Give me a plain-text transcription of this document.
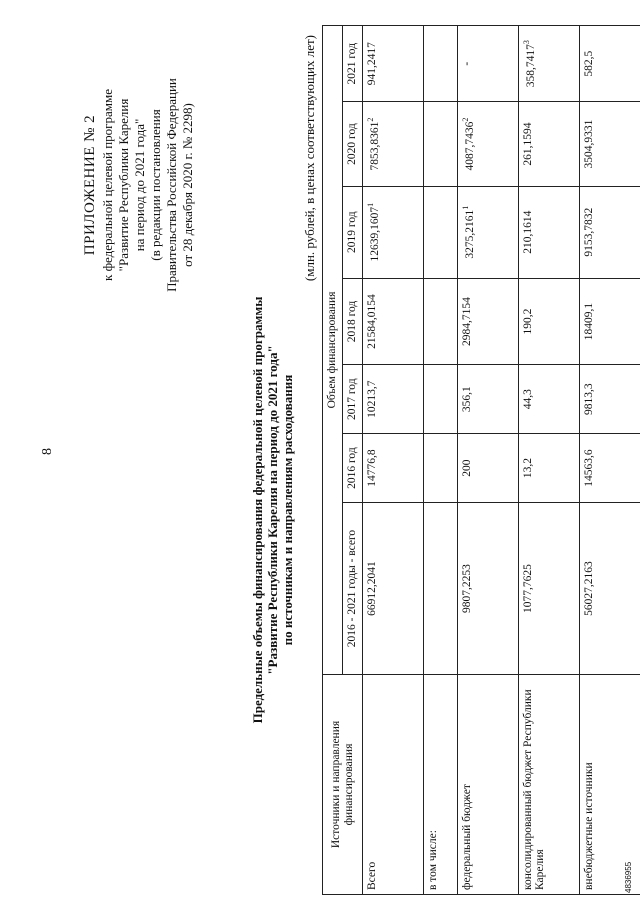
8
ПРИЛОЖЕНИЕ № 2 к федеральной целевой программе "Развитие Республики Карелия на период до 2021 года" (в редакции постановления Правительства Российской Федерации от 28 декабря 2020 г. № 2298)
Предельные объемы финансирования федеральной целевой программы "Развитие Республики Карелия на период до 2021 года" по источникам и направлениям расходования
(млн. рублей, в ценах соответствующих лет)
Источники и направления финансирования	Объем финансирования						
	2016 - 2021 годы - всего	2016 год	2017 год	2018 год	2019 год	2020 год	2021 год
Всего	66912,2041	14776,8	10213,7	21584,0154	12639,1607$^1$	7853,8361$^2$	941,2417
в том числе:							
федеральный бюджет	9807,2253	200	356,1	2984,7154	3275,2161$^1$	4087,7436$^2$	-
консолидированный бюджет Республики Карелия	1077,7625	13,2	44,3	190,2	210,1614	261,1594	358,7417$^3$
внебюджетные источники	56027,2163	14563,6	9813,3	18409,1	9153,7832	3504,9331	582,5
4836955
